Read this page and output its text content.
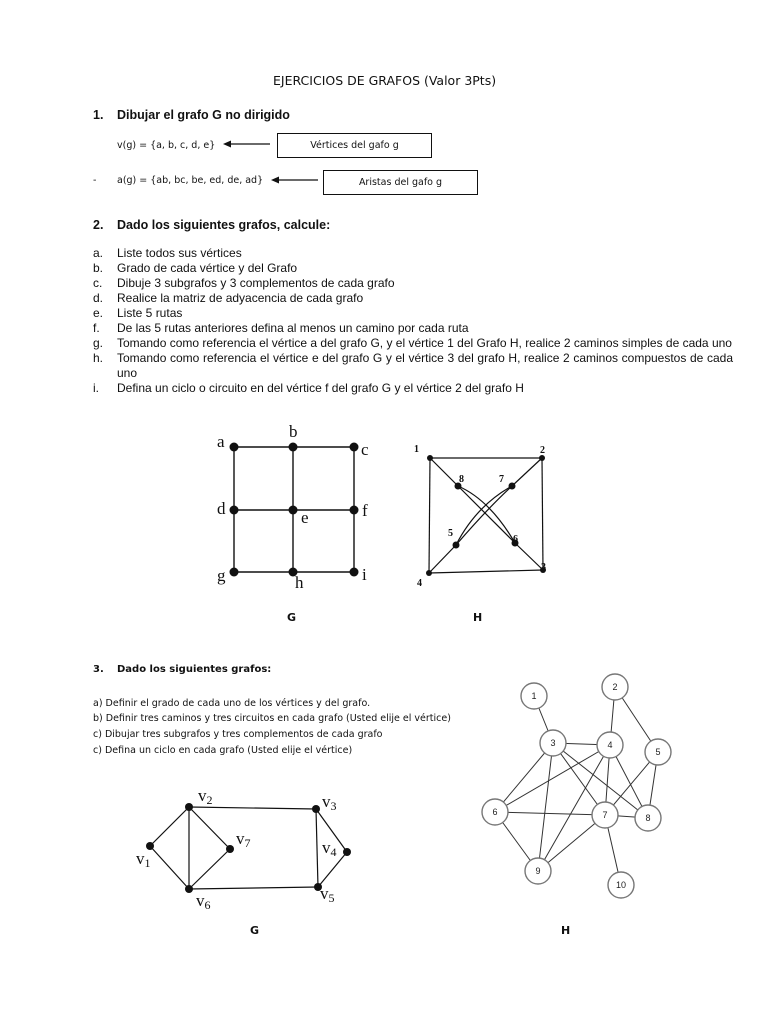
EJERCICIOS DE GRAFOS (Valor 3Pts)
1. Dibujar el grafo G no dirigido
v(g) = {a, b, c, d, e}	Vértices del gafo g
- a(g) = {ab, bc, be, ed, de, ad}	Aristas del gafo g
2. Dado los siguientes grafos, calcule:
a.	Liste todos sus vértices
b.	Grado de cada vértice y del Grafo
c.	Dibuje 3 subgrafos y 3 complementos de cada grafo
d.	Realice la matriz de adyacencia de cada grafo
e.	Liste 5 rutas
f.	De las 5 rutas anteriores defina al menos un camino por cada ruta
g.	Tomando como referencia el vértice a del grafo G, y el vértice 1 del Grafo H, realice 2 caminos simples de cada uno
h.	Tomando como referencia el vértice e del grafo G y el vértice 3 del grafo H, realice 2 caminos compuestos de cada uno
i.	Defina un ciclo o circuito en del vértice f del grafo G y el vértice 2 del grafo H
a
b
c
d	e	f
g	h	i
G
1	2
3
4
5
6
7
8
H
3. Dado los siguientes grafos:
a) Definir el grado de cada uno de los vértices y del grafo.
b) Definir tres caminos y tres circuitos en cada grafo (Usted elije el vértice)
c) Dibujar tres subgrafos y tres complementos de cada grafo
c) Defina un ciclo en cada grafo (Usted elije el vértice)
v1
v2	v3
v4
v5
v6
v7
G
1
2
3	4
5
6	7	8
9
10
H
